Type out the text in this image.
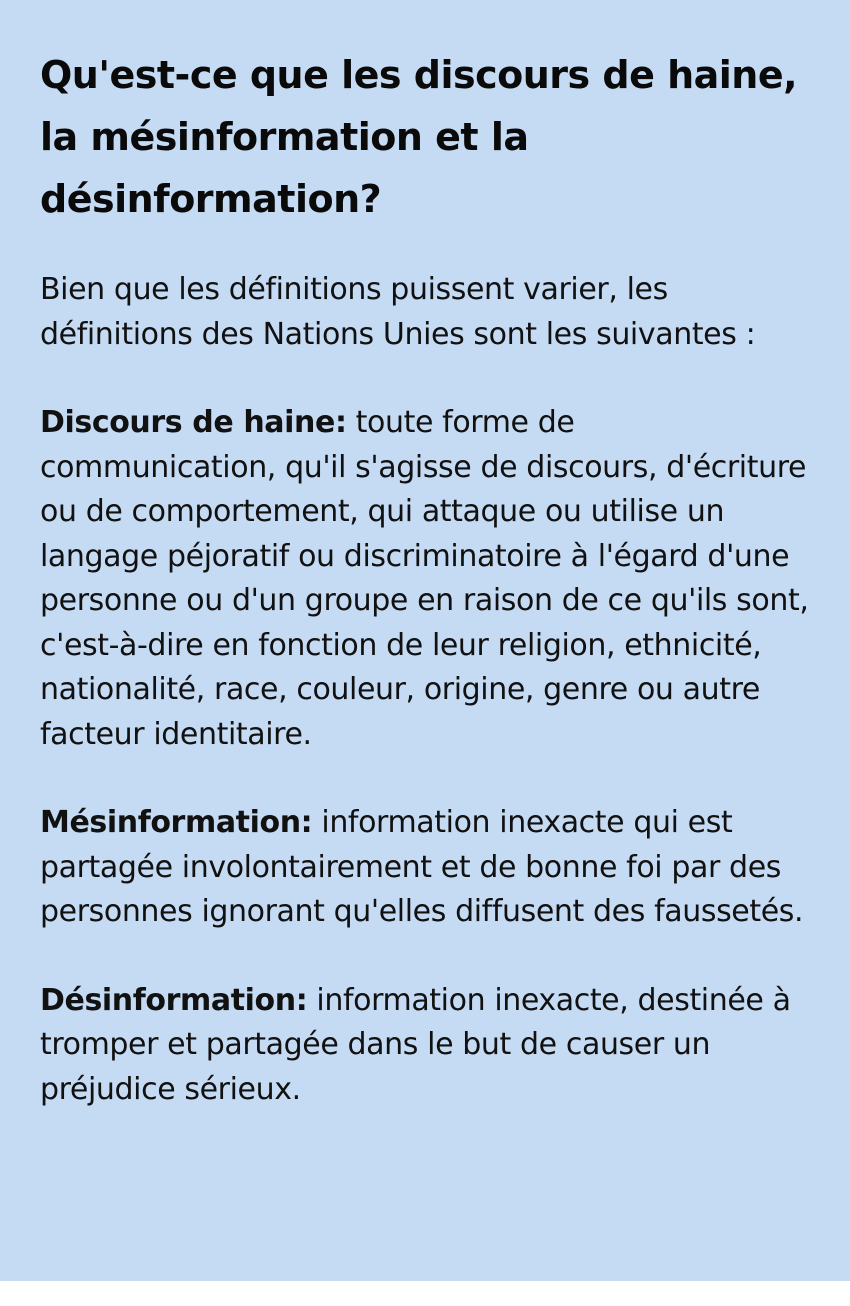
Qu'est-ce que les discours de haine, la mésinformation et la désinformation?

Bien que les définitions puissent varier, les définitions des Nations Unies sont les suivantes :

Discours de haine: toute forme de communication, qu'il s'agisse de discours, d'écriture ou de comportement, qui attaque ou utilise un langage péjoratif ou discriminatoire à l'égard d'une personne ou d'un groupe en raison de ce qu'ils sont, c'est-à-dire en fonction de leur religion, ethnicité, nationalité, race, couleur, origine, genre ou autre facteur identitaire.

Mésinformation: information inexacte qui est partagée involontairement et de bonne foi par des personnes ignorant qu'elles diffusent des faussetés.

Désinformation: information inexacte, destinée à tromper et partagée dans le but de causer un préjudice sérieux.
